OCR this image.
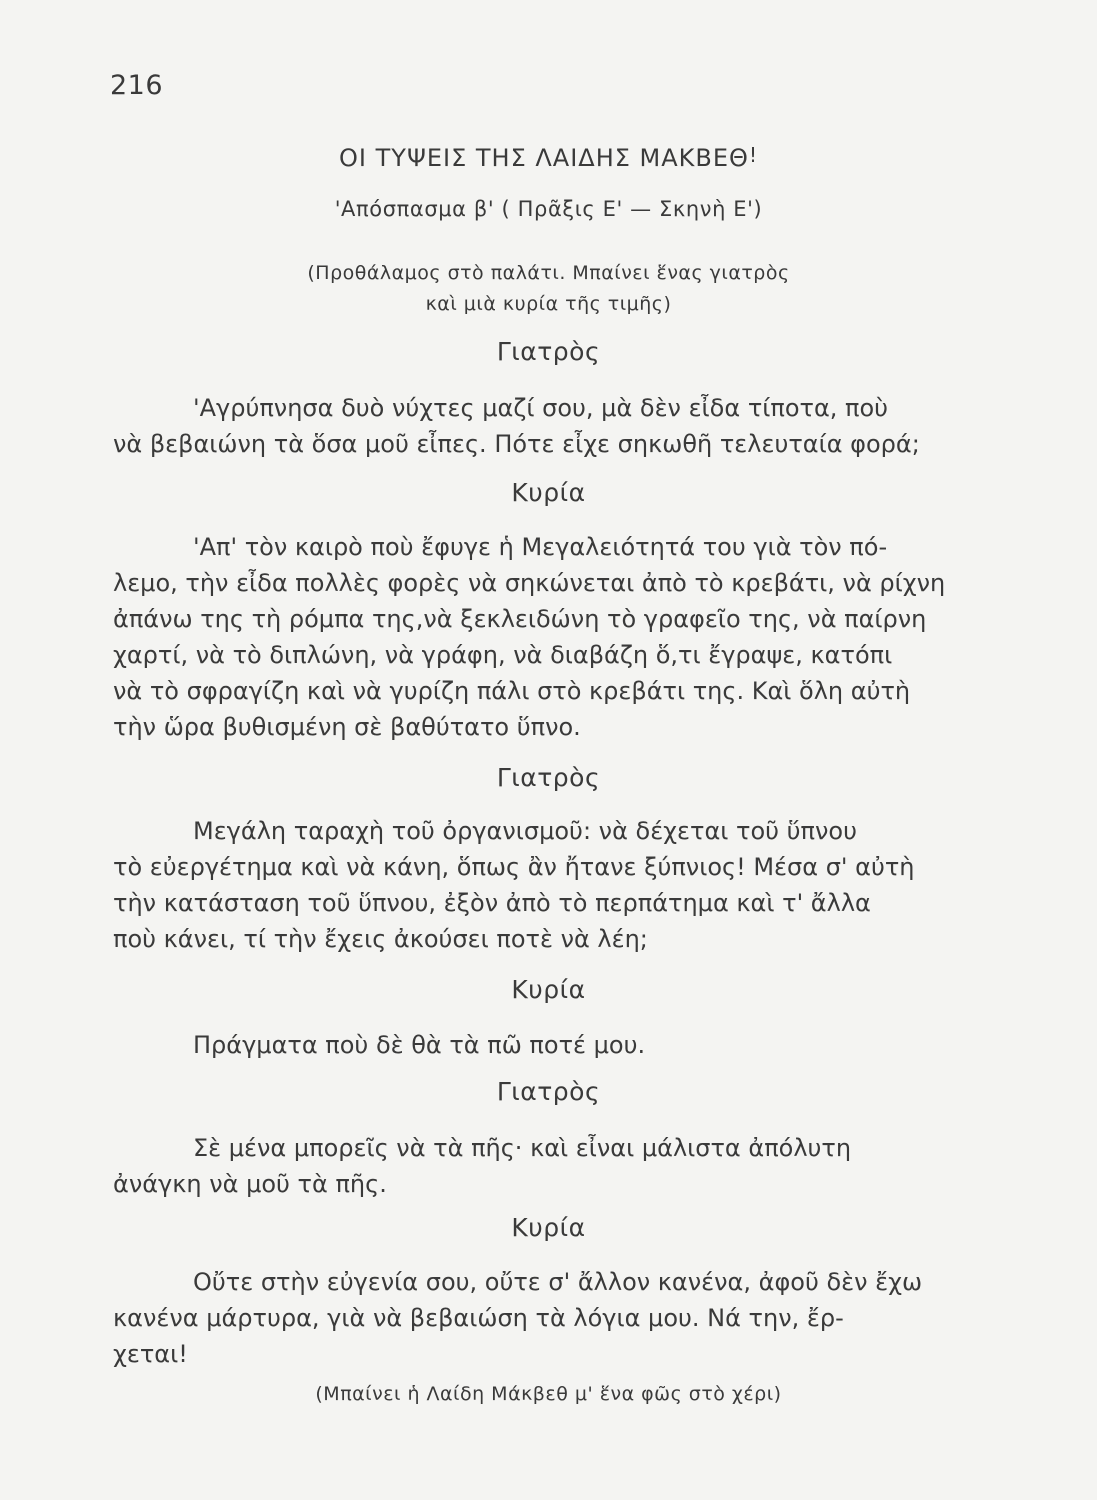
216
ΟΙ ΤΥΨΕΙΣ ΤΗΣ ΛΑΙΔΗΣ ΜΑΚΒΕΘ!
'Απόσπασμα β' ( Πρᾶξις Ε' — Σκηνὴ Ε')
(Προθάλαμος στὸ παλάτι. Μπαίνει ἕνας γιατρὸς
καὶ μιὰ κυρία τῆς τιμῆς)
Γιατρὸς
'Αγρύπνησα δυὸ νύχτες μαζί σου, μὰ δὲν εἶδα τίποτα, ποὺ
νὰ βεβαιώνη τὰ ὅσα μοῦ εἶπες. Πότε εἶχε σηκωθῆ τελευταία φορά;
Κυρία
'Απ' τὸν καιρὸ ποὺ ἔφυγε ἡ Μεγαλειότητά του γιὰ τὸν πό-
λεμο, τὴν εἶδα πολλὲς φορὲς νὰ σηκώνεται ἀπὸ τὸ κρεβάτι, νὰ ρίχνη
ἀπάνω της τὴ ρόμπα της,νὰ ξεκλειδώνη τὸ γραφεῖο της, νὰ παίρνη
χαρτί, νὰ τὸ διπλώνη, νὰ γράφη, νὰ διαβάζη ὅ,τι ἔγραψε, κατόπι
νὰ τὸ σφραγίζη καὶ νὰ γυρίζη πάλι στὸ κρεβάτι της. Καὶ ὅλη αὐτὴ
τὴν ὥρα βυθισμένη σὲ βαθύτατο ὕπνο.
Γιατρὸς
Μεγάλη ταραχὴ τοῦ ὀργανισμοῦ: νὰ δέχεται τοῦ ὕπνου
τὸ εὐεργέτημα καὶ νὰ κάνη, ὅπως ἂν ἤτανε ξύπνιος! Μέσα σ' αὐτὴ
τὴν κατάσταση τοῦ ὕπνου, ἐξὸν ἀπὸ τὸ περπάτημα καὶ τ' ἄλλα
ποὺ κάνει, τί τὴν ἔχεις ἀκούσει ποτὲ νὰ λέη;
Κυρία
Πράγματα ποὺ δὲ θὰ τὰ πῶ ποτέ μου.
Γιατρὸς
Σὲ μένα μπορεῖς νὰ τὰ πῆς· καὶ εἶναι μάλιστα ἀπόλυτη
ἀνάγκη νὰ μοῦ τὰ πῆς.
Κυρία
Οὔτε στὴν εὐγενία σου, οὔτε σ' ἄλλον κανένα, ἀφοῦ δὲν ἔχω
κανένα μάρτυρα, γιὰ νὰ βεβαιώση τὰ λόγια μου. Νά την, ἔρ-
χεται!
(Μπαίνει ἡ Λαίδη Μάκβεθ μ' ἕνα φῶς στὸ χέρι)
